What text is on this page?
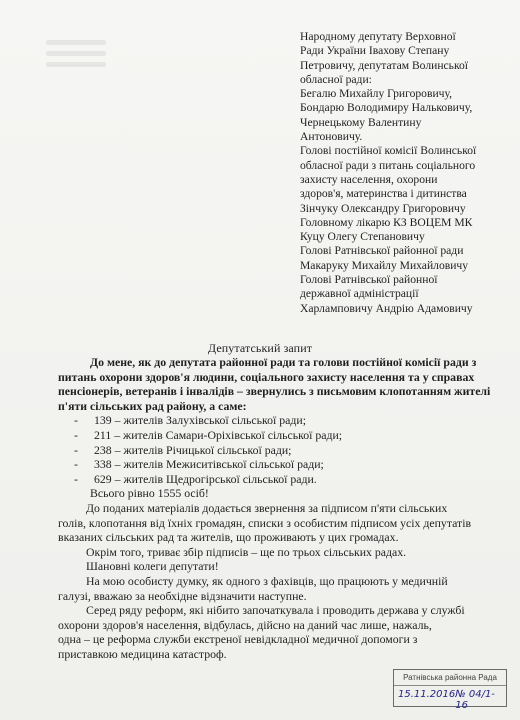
Народному депутату Верховної
Ради України Івахову Степану
Петровичу, депутатам Волинської
обласної ради:
Бегалю Михайлу Григоровичу,
Бондарю Володимиру Нальковичу,
Чернецькому Валентину
Антоновичу.
Голові постійної комісії Волинської
обласної ради з питань соціального
захисту населення, охорони
здоров'я, материнства і дитинства
Зінчуку Олександру Григоровичу
Головному лікарю КЗ ВОЦЕМ МК
Куцу Олегу Степановичу
Голові Ратнівської районної ради
Макаруку Михайлу Михайловичу
Голові Ратнівської районної
державної адміністрації
Харламповичу Андрію Адамовичу
Депутатський запит
До мене, як до депутата районної ради та голови постійної комісії ради з
питань охорони здоров'я людини, соціального захисту населення та у справах
пенсіонерів, ветеранів і інвалідів – звернулись з письмовим клопотанням жителі
п'яти сільських рад району, а саме:
-	139 – жителів Залухівської сільської ради;
-	211 – жителів Самари-Оріхівської сільської ради;
-	238 – жителів Річицької сільської ради;
-	338 – жителів Межиситівської сільської ради;
-	629 – жителів Щедрогірської сільської ради.
Всього рівно 1555 осіб!
До поданих матеріалів додається звернення за підписом п'яти сільських
голів, клопотання від їхніх громадян, списки з особистим підписом усіх депутатів
вказаних сільських рад та жителів, що проживають у цих громадах.
Окрім того, триває збір підписів – ще по трьох сільських радах.
Шановні колеги депутати!
На мою особисту думку, як одного з фахівців, що працюють у медичній
галузі, вважаю за необхідне відзначити наступне.
Серед ряду реформ, які нібито започаткувала і проводить держава у службі
охорони здоров'я населення, відбулась, дійсно на даний час лише, нажаль,
одна – це реформа служби екстреної невідкладної медичної допомоги з
приставкою медицина катастроф.
Ратнівська районна Рада
15.11.2016 № 04/1-16
